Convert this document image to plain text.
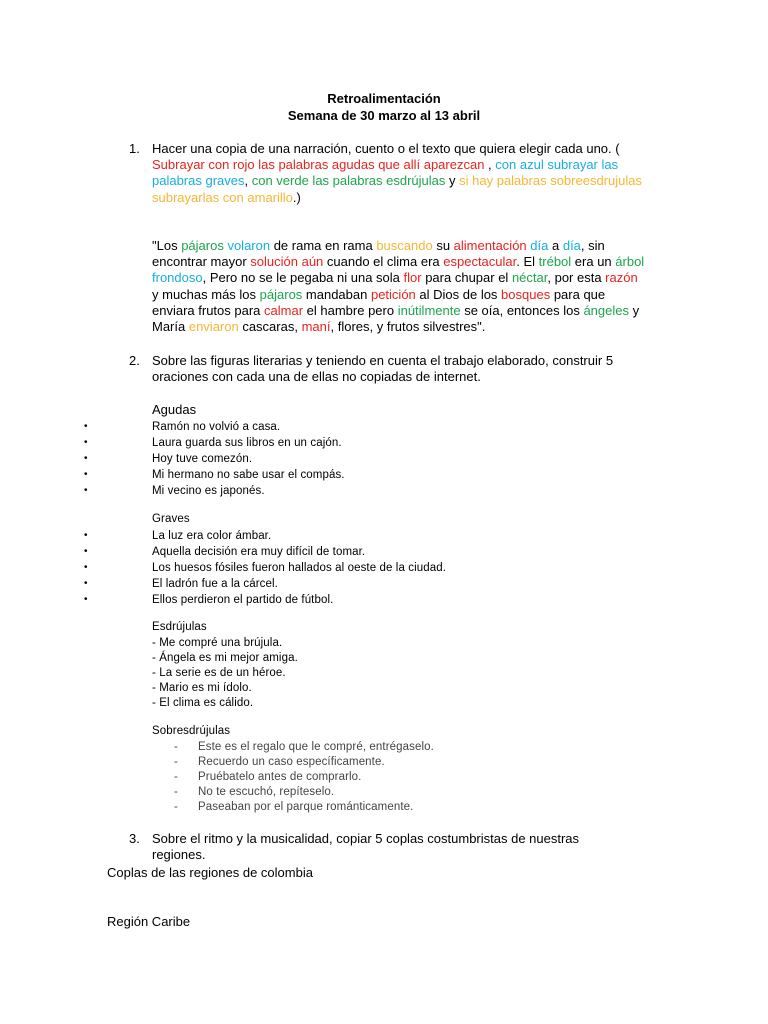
Retroalimentación
Semana de 30 marzo al 13 abril
1. Hacer una copia de una narración, cuento o el texto que quiera elegir cada uno. ( Subrayar con rojo las palabras agudas que allí aparezcan , con azul subrayar las palabras graves, con verde las palabras esdrújulas y si hay palabras sobreesdrujulas subrayarlas con amarillo.)
"Los pájaros volaron de rama en rama buscando su alimentación día a día, sin encontrar mayor solución aún cuando el clima era espectacular. El trébol era un árbol frondoso, Pero no se le pegaba ni una sola flor para chupar el néctar, por esta razón y muchas más los pájaros mandaban petición al Dios de los bosques para que enviara frutos para calmar el hambre pero inútilmente se oía, entonces los ángeles y María enviaron cascaras, maní, flores, y frutos silvestres".
2. Sobre las figuras literarias y teniendo en cuenta el trabajo elaborado, construir 5 oraciones con cada una de ellas no copiadas de internet.
Agudas
•	Ramón no volvió a casa.
•	Laura guarda sus libros en un cajón.
•	Hoy tuve comezón.
•	Mi hermano no sabe usar el compás.
•	Mi vecino es japonés.
Graves
•	La luz era color ámbar.
•	Aquella decisión era muy difícil de tomar.
•	Los huesos fósiles fueron hallados al oeste de la ciudad.
•	El ladrón fue a la cárcel.
•	Ellos perdieron el partido de fútbol.
Esdrújulas
- Me compré una brújula.
- Ángela es mi mejor amiga.
- La serie es de un héroe.
- Mario es mi ídolo.
- El clima es cálido.
Sobresdrújulas
- Este es el regalo que le compré, entrégaselo.
- Recuerdo un caso específicamente.
- Pruébatelo antes de comprarlo.
- No te escuchó, repíteselo.
- Paseaban por el parque románticamente.
3. Sobre el ritmo y la musicalidad, copiar 5 coplas costumbristas de nuestras regiones.
Coplas de las regiones de colombia
Región Caribe
